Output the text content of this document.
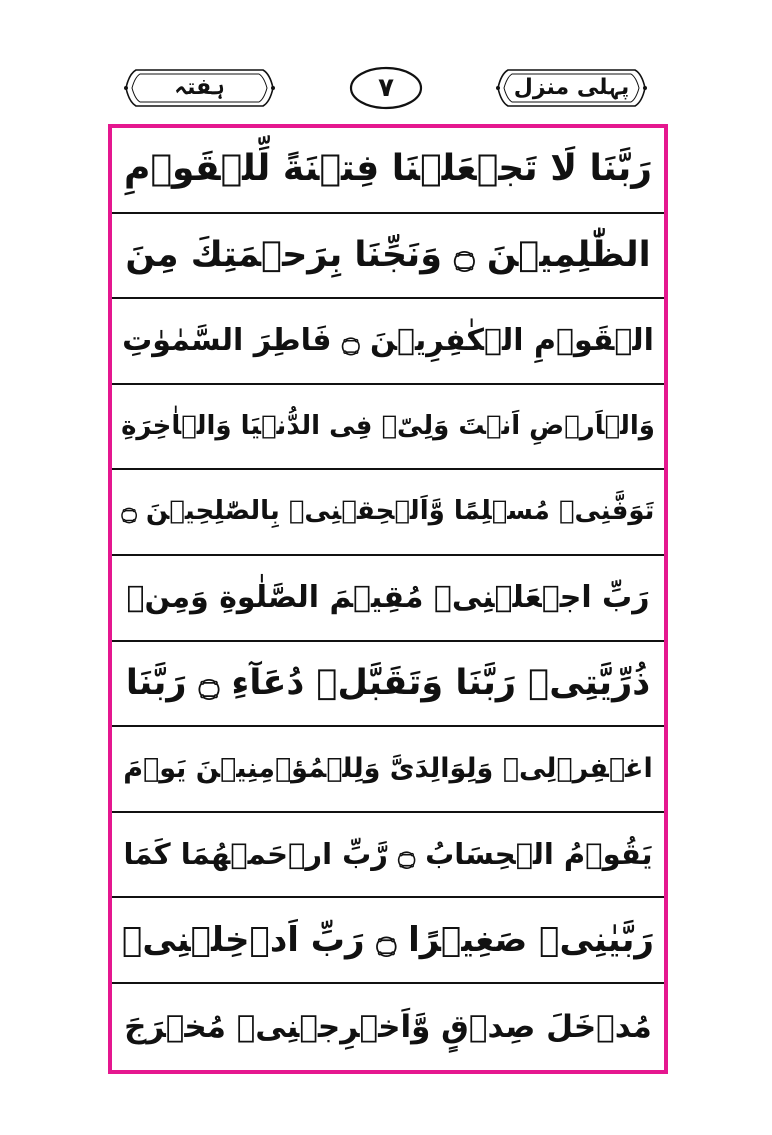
ہفتہ	۷	پہلی منزل
رَبَّنَا لَا تَجۡعَلۡنَا فِتۡنَةً لِّلۡقَوۡمِ
الظّٰلِمِيۡنَ ۝ وَنَجِّنَا بِرَحۡمَتِكَ مِنَ
الۡقَوۡمِ الۡكٰفِرِيۡنَ ۝ فَاطِرَ السَّمٰوٰتِ
وَالۡاَرۡضِ اَنۡتَ وَلِىّٖ فِى الدُّنۡيَا وَالۡاٰخِرَةِ
تَوَفَّنِىۡ مُسۡلِمًا وَّاَلۡحِقۡنِىۡ بِالصّٰلِحِيۡنَ ۝
رَبِّ اجۡعَلۡنِىۡ مُقِيۡمَ الصَّلٰوةِ وَمِنۡ
ذُرِّيَّتِىۡ رَبَّنَا وَتَقَبَّلۡ دُعَآءِ ۝ رَبَّنَا
اغۡفِرۡلِىۡ وَلِوَالِدَىَّ وَلِلۡمُؤۡمِنِيۡنَ يَوۡمَ
يَقُوۡمُ الۡحِسَابُ ۝ رَّبِّ ارۡحَمۡهُمَا كَمَا
رَبَّيٰنِىۡ صَغِيۡرًا ۝ رَبِّ اَدۡخِلۡنِىۡ
مُدۡخَلَ صِدۡقٍ وَّاَخۡرِجۡنِىۡ مُخۡرَجَ
